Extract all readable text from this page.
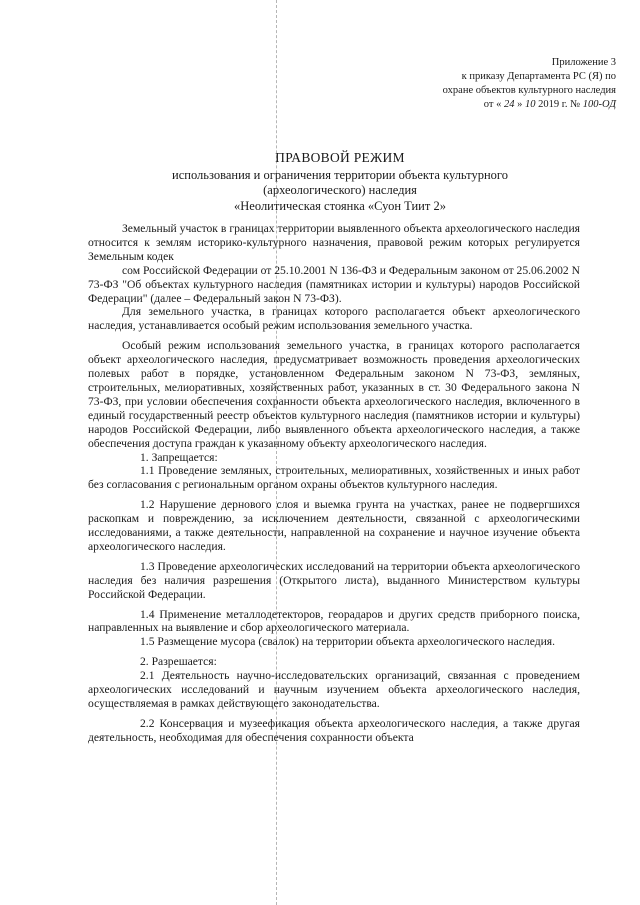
Приложение 3
к приказу Департамента РС (Я) по
охране объектов культурного наследия
от « 24 » 10 2019 г. № 100-ОД
ПРАВОВОЙ РЕЖИМ
использования и ограничения территории объекта культурного
(археологического) наследия
«Неолитическая стоянка «Суон Тиит 2»

Земельный участок в границах территории выявленного объекта археологического наследия относится к землям историко-культурного назначения, правовой режим которых регулируется Земельным кодек

сом Российской Федерации от 25.10.2001 N 136-ФЗ и Федеральным законом от 25.06.2002 N 73-ФЗ "Об объектах культурного наследия (памятниках истории и культуры) народов Российской Федерации" (далее – Федеральный закон N 73-ФЗ).

Для земельного участка, в границах которого располагается объект археологического наследия, устанавливается особый режим использования земельного участка.

Особый режим использования земельного участка, в границах которого располагается объект археологического наследия, предусматривает возможность проведения археологических полевых работ в порядке, установленном Федеральным законом N 73-ФЗ, земляных, строительных, мелиоративных, хозяйственных работ, указанных в ст. 30 Федерального закона N 73-ФЗ, при условии обеспечения сохранности объекта археологического наследия, включенного в единый государственный реестр объектов культурного наследия (памятников истории и культуры) народов Российской Федерации, либо выявленного объекта археологического наследия, а также обеспечения доступа граждан к указанному объекту археологического наследия.

1. Запрещается:

1.1 Проведение земляных, строительных, мелиоративных, хозяйственных и иных работ без согласования с региональным органом охраны объектов культурного наследия.

1.2 Нарушение дернового слоя и выемка грунта на участках, ранее не подвергшихся раскопкам и повреждению, за исключением деятельности, связанной с археологическими исследованиями, а также деятельности, направленной на сохранение и научное изучение объекта археологического наследия.

1.3 Проведение археологических исследований на территории объекта археологического наследия без наличия разрешения (Открытого листа), выданного Министерством культуры Российской Федерации.

1.4 Применение металлодетекторов, георадаров и других средств приборного поиска, направленных на выявление и сбор археологического материала.

1.5 Размещение мусора (свалок) на территории объекта археологического наследия.

2. Разрешается:

2.1 Деятельность научно-исследовательских организаций, связанная с проведением археологических исследований и научным изучением объекта археологического наследия, осуществляемая в рамках действующего законодательства.

2.2 Консервация и музеефикация объекта археологического наследия, а также другая деятельность, необходимая для обеспечения сохранности объекта
